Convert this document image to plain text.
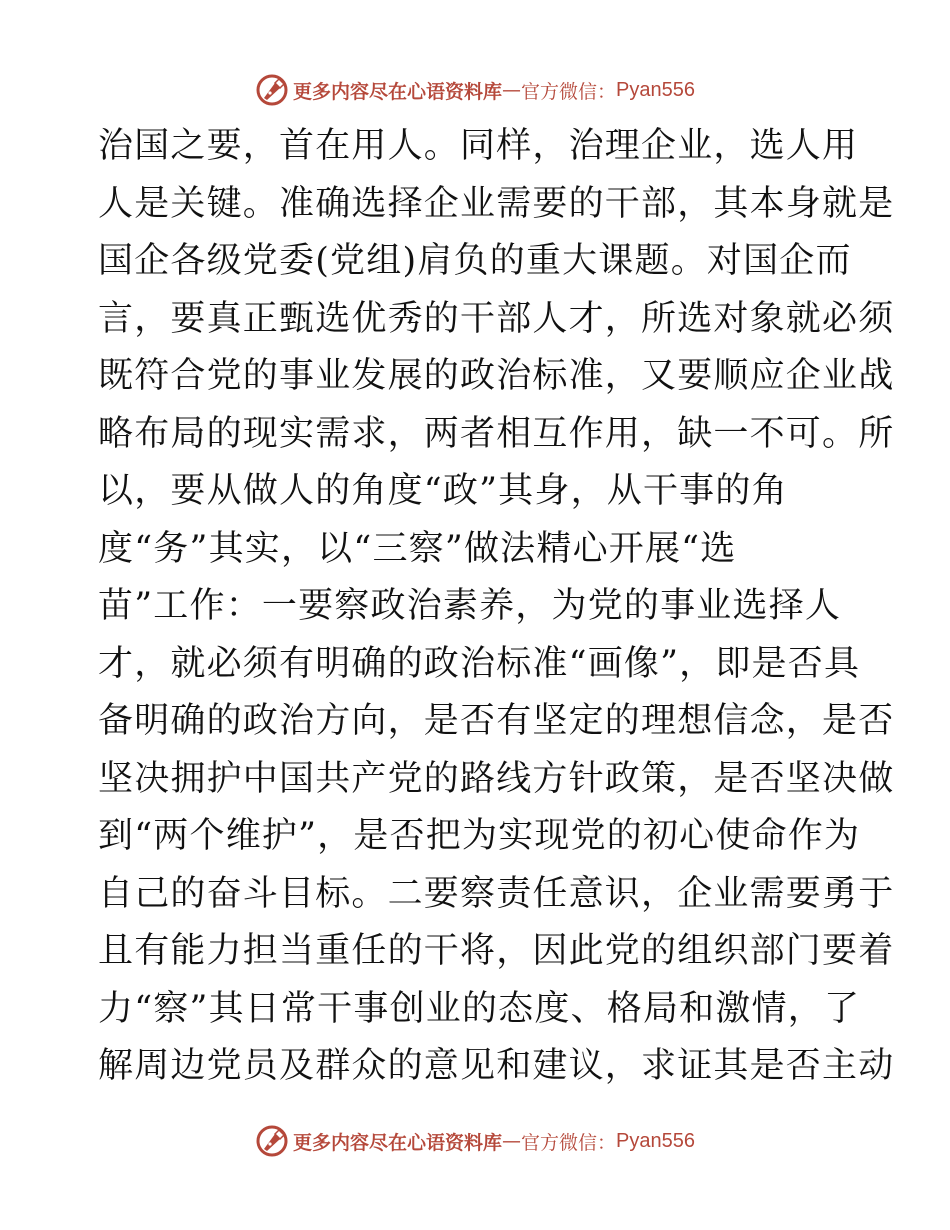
更多内容尽在心语资料库 — 官方微信： Pyan556
治国之要，首在用人。同样，治理企业，选人用
人是关键。准确选择企业需要的干部，其本身就是
国企各级党委(党组)肩负的重大课题。对国企而
言，要真正甄选优秀的干部人才，所选对象就必须
既符合党的事业发展的政治标准，又要顺应企业战
略布局的现实需求，两者相互作用，缺一不可。所
以，要从做人的角度“政”其身，从干事的角
度“务”其实，以“三察”做法精心开展“选
苗”工作：一要察政治素养，为党的事业选择人
才，就必须有明确的政治标准“画像”，即是否具
备明确的政治方向，是否有坚定的理想信念，是否
坚决拥护中国共产党的路线方针政策，是否坚决做
到“两个维护”，是否把为实现党的初心使命作为
自己的奋斗目标。二要察责任意识，企业需要勇于
且有能力担当重任的干将，因此党的组织部门要着
力“察”其日常干事创业的态度、格局和激情，了
解周边党员及群众的意见和建议，求证其是否主动
更多内容尽在心语资料库 — 官方微信： Pyan556
